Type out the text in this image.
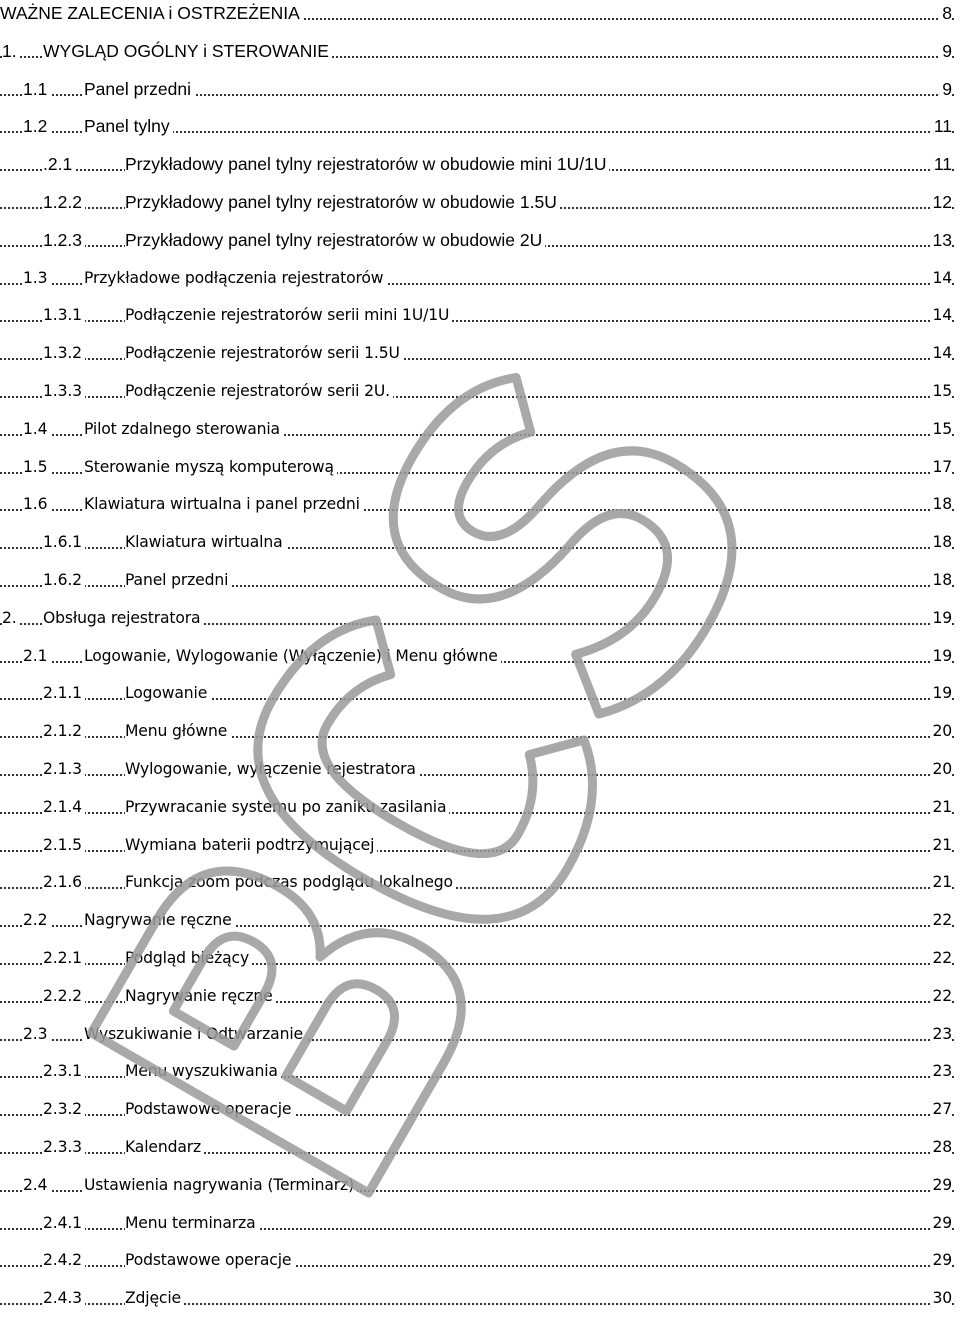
WAŻNE ZALECENIA i OSTRZEŻENIA	8
1. WYGLĄD OGÓLNY i STEROWANIE	9
1.1 Panel przedni	9
1.2 Panel tylny	11
.2.1	Przykładowy panel tylny rejestratorów w obudowie mini 1U/1U	11
1.2.2 Przykładowy panel tylny rejestratorów w obudowie 1.5U	12
1.2.3 Przykładowy panel tylny rejestratorów w obudowie 2U	13
1.3 Przykładowe podłączenia rejestratorów	14
1.3.1	Podłączenie rejestratorów serii mini 1U/1U	14
1.3.2	Podłączenie rejestratorów serii 1.5U	14
1.3.3	Podłączenie rejestratorów serii 2U.	15
1.4 Pilot zdalnego sterowania	15
1.5 Sterowanie myszą komputerową	17
1.6 Klawiatura wirtualna i panel przedni	18
1.6.1	Klawiatura wirtualna	18
1.6.2	Panel przedni	18
2. Obsługa rejestratora	19
2.1 Logowanie, Wylogowanie (Wyłączenie) i Menu główne	19
2.1.1	Logowanie	19
2.1.2	Menu główne	20
2.1.3	Wylogowanie, wyłączenie rejestratora	20
2.1.4	Przywracanie systemu po zaniku zasilania	21
2.1.5	Wymiana baterii podtrzymującej	21
2.1.6	Funkcja zoom podczas podglądu lokalnego	21
2.2 Nagrywanie ręczne	22
2.2.1	Podgląd bieżący	22
2.2.2	Nagrywanie ręczne	22
2.3 Wyszukiwanie i Odtwarzanie	23
2.3.1	Menu wyszukiwania	23
2.3.2	Podstawowe operacje	27
2.3.3	Kalendarz	28
2.4 Ustawienia nagrywania (Terminarz)	29
2.4.1	Menu terminarza	29
2.4.2	Podstawowe operacje	29
2.4.3	Zdjęcie	30
